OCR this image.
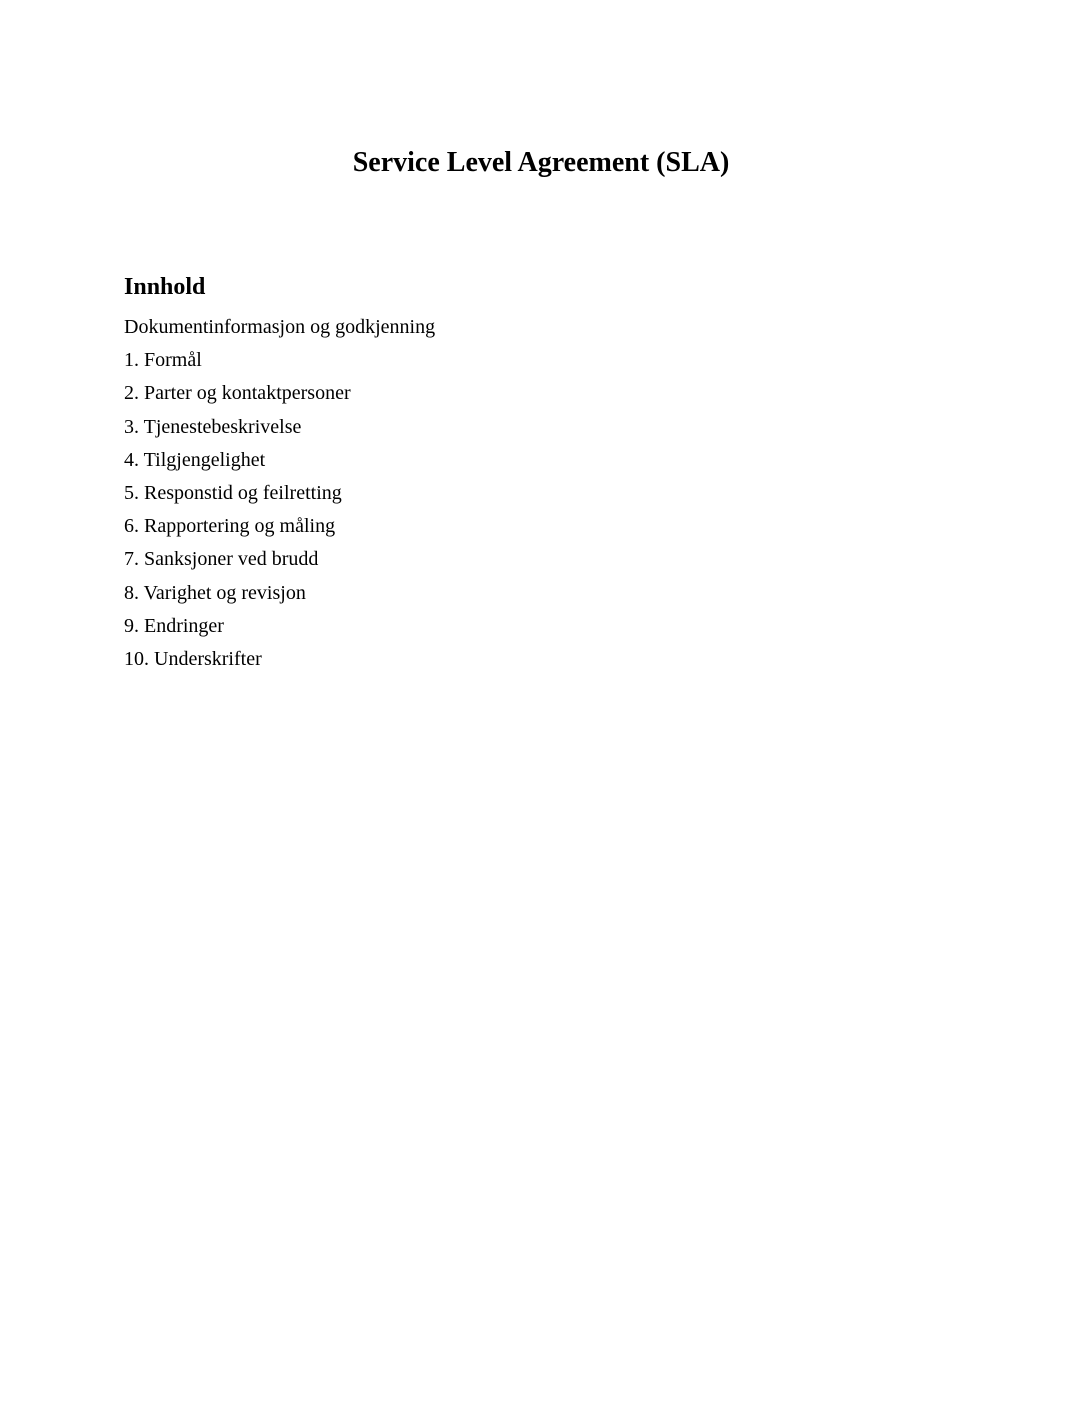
Service Level Agreement (SLA)
Innhold
Dokumentinformasjon og godkjenning
1. Formål
2. Parter og kontaktpersoner
3. Tjenestebeskrivelse
4. Tilgjengelighet
5. Responstid og feilretting
6. Rapportering og måling
7. Sanksjoner ved brudd
8. Varighet og revisjon
9. Endringer
10. Underskrifter
